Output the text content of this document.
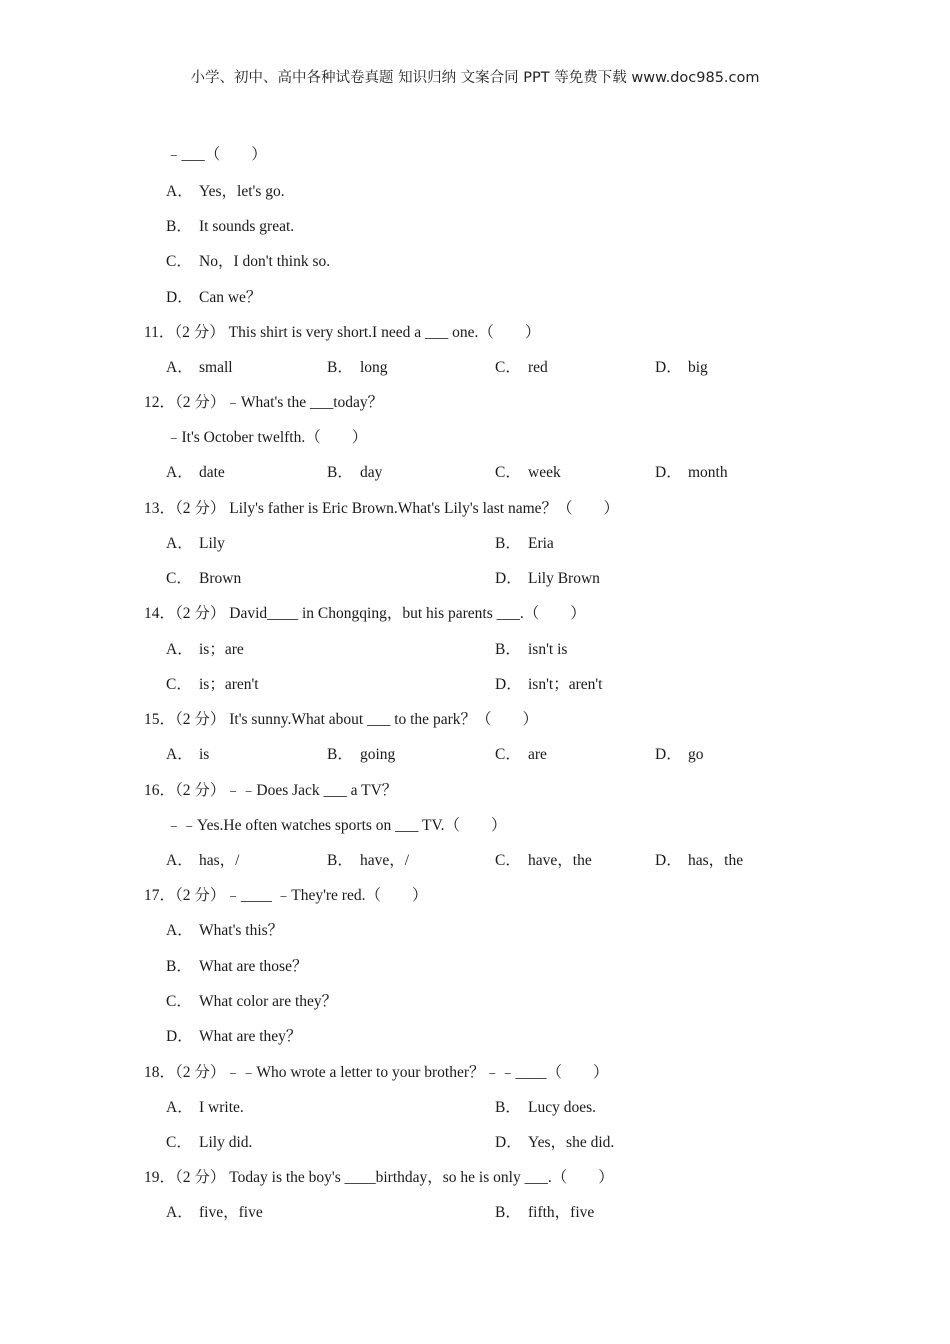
小学、初中、高中各种试卷真题 知识归纳 文案合同 PPT 等免费下载 www.doc985.com
﹣___（　　）
A． Yes，let's go.
B． It sounds great.
C． No，I don't think so.
D． Can we？
11．（2 分） This shirt is very short.I need a ___ one.（　　）
A． small	B． long	C． red	D． big
12．（2 分）﹣What's the ___today？
﹣It's October twelfth.（　　）
A． date	B． day	C． week	D． month
13．（2 分） Lily's father is Eric Brown.What's Lily's last name？（　　）
A． Lily	B． Eria
C． Brown	D． Lily Brown
14．（2 分） David____ in Chongqing，but his parents ___.（　　）
A． is；are	B． isn't is
C． is；aren't	D． isn't；aren't
15．（2 分） It's sunny.What about ___ to the park？（　　）
A． is	B． going	C． are	D． go
16．（2 分）﹣﹣Does Jack ___ a TV？
﹣﹣Yes.He often watches sports on ___ TV.（　　）
A． has，/	B． have，/	C． have，the	D． has，the
17．（2 分）﹣____ ﹣They're red.（　　）
A． What's this？
B． What are those？
C． What color are they？
D． What are they？
18．（2 分）﹣﹣Who wrote a letter to your brother？﹣﹣____（　　）
A． I write.	B． Lucy does.
C． Lily did.	D． Yes，she did.
19．（2 分） Today is the boy's ____birthday，so he is only ___.（　　）
A． five，five	B． fifth，five
